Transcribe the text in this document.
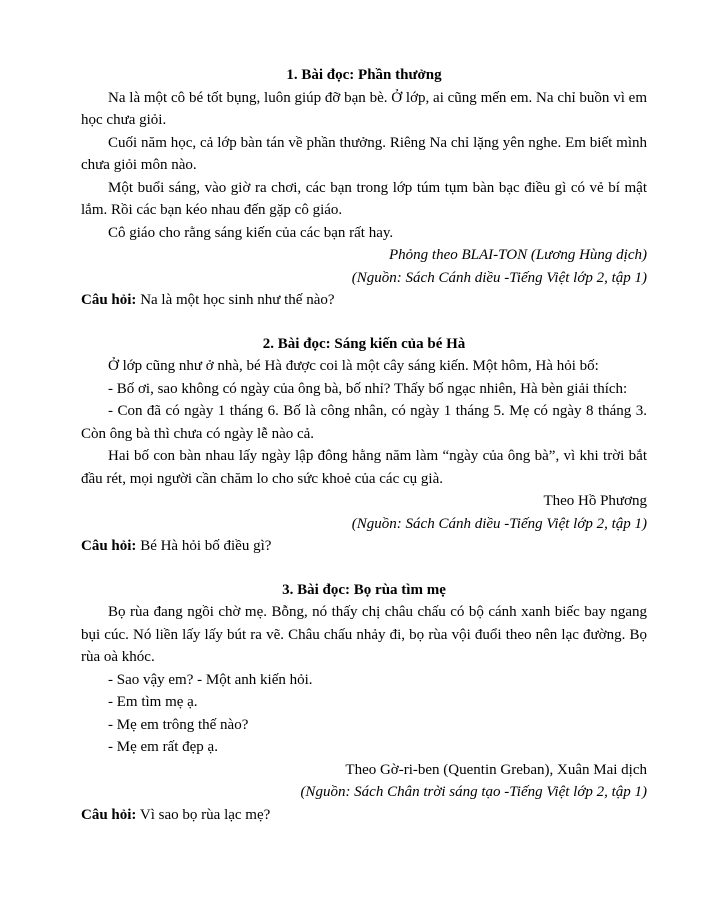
1. Bài đọc: Phần thưởng

Na là một cô bé tốt bụng, luôn giúp đỡ bạn bè. Ở lớp, ai cũng mến em. Na chỉ buồn vì em học chưa giỏi.

Cuối năm học, cả lớp bàn tán về phần thưởng. Riêng Na chỉ lặng yên nghe. Em biết mình chưa giỏi môn nào.

Một buổi sáng, vào giờ ra chơi, các bạn trong lớp túm tụm bàn bạc điều gì có vẻ bí mật lắm. Rồi các bạn kéo nhau đến gặp cô giáo.

Cô giáo cho rằng sáng kiến của các bạn rất hay.

Phỏng theo BLAI-TON (Lương Hùng dịch)

(Nguồn: Sách Cánh diều -Tiếng Việt lớp 2, tập 1)

Câu hỏi: Na là một học sinh như thế nào?

2. Bài đọc: Sáng kiến của bé Hà

Ở lớp cũng như ở nhà, bé Hà được coi là một cây sáng kiến. Một hôm, Hà hỏi bố:

- Bố ơi, sao không có ngày của ông bà, bố nhỉ? Thấy bố ngạc nhiên, Hà bèn giải thích:

- Con đã có ngày 1 tháng 6. Bố là công nhân, có ngày 1 tháng 5. Mẹ có ngày 8 tháng 3. Còn ông bà thì chưa có ngày lễ nào cả.

Hai bố con bàn nhau lấy ngày lập đông hằng năm làm “ngày của ông bà”, vì khi trời bắt đầu rét, mọi người cần chăm lo cho sức khoẻ của các cụ già.

Theo Hồ Phương

(Nguồn: Sách Cánh diều -Tiếng Việt lớp 2, tập 1)

Câu hỏi: Bé Hà hỏi bố điều gì?

3. Bài đọc: Bọ rùa tìm mẹ

Bọ rùa đang ngồi chờ mẹ. Bỗng, nó thấy chị châu chấu có bộ cánh xanh biếc bay ngang bụi cúc. Nó liền lấy lấy bút ra vẽ. Châu chấu nhảy đi, bọ rùa vội đuổi theo nên lạc đường. Bọ rùa oà khóc.

- Sao vậy em? - Một anh kiến hỏi.

- Em tìm mẹ ạ.

- Mẹ em trông thế nào?

- Mẹ em rất đẹp ạ.

Theo Gờ-ri-ben (Quentin Greban), Xuân Mai dịch

(Nguồn: Sách Chân trời sáng tạo -Tiếng Việt lớp 2, tập 1)

Câu hỏi: Vì sao bọ rùa lạc mẹ?
